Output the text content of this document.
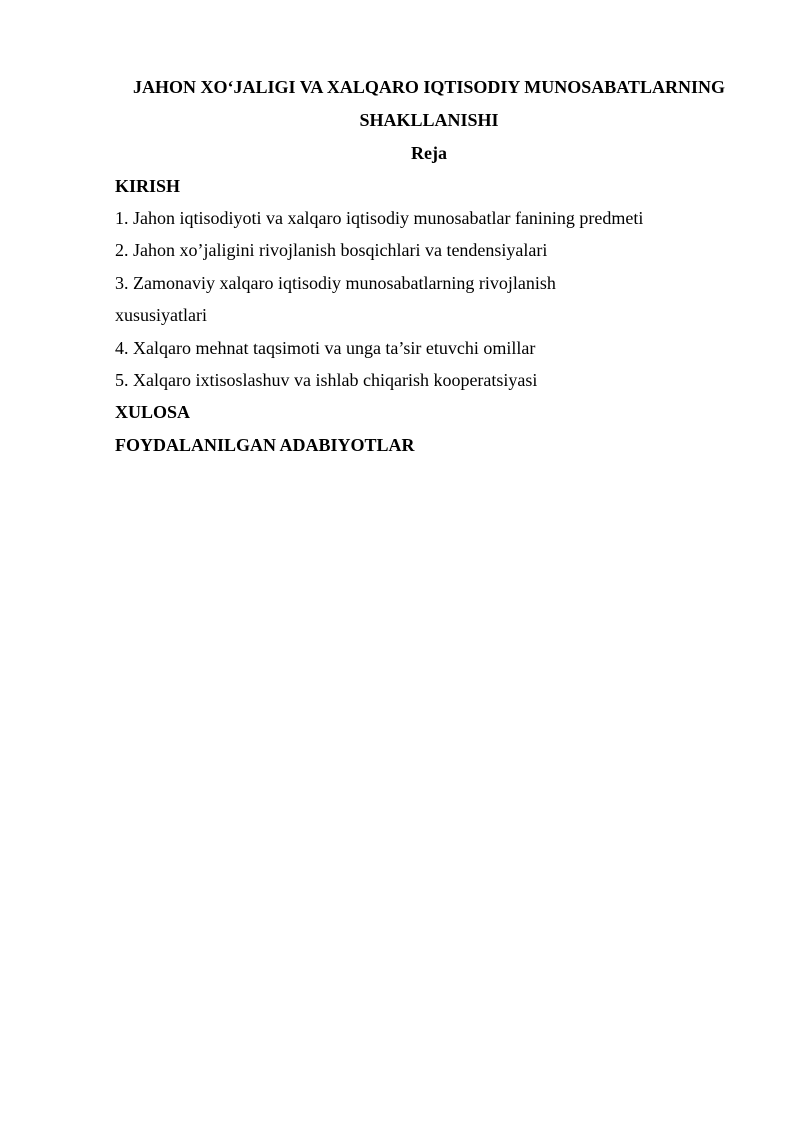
JAHON XO‘JALIGI VA XALQARO IQTISODIY MUNOSABATLARNING
SHAKLLANISHI
Reja
KIRISH
1. Jahon iqtisodiyoti va xalqaro iqtisodiy munosabatlar fanining predmeti
2. Jahon xo’jaligini rivojlanish bosqichlari va tendensiyalari
3. Zamonaviy xalqaro iqtisodiy munosabatlarning rivojlanish
xususiyatlari
4. Xalqaro mehnat taqsimoti va unga ta’sir etuvchi omillar
5. Xalqaro ixtisoslashuv va ishlab chiqarish kooperatsiyasi
XULOSA
FOYDALANILGAN ADABIYOTLAR
